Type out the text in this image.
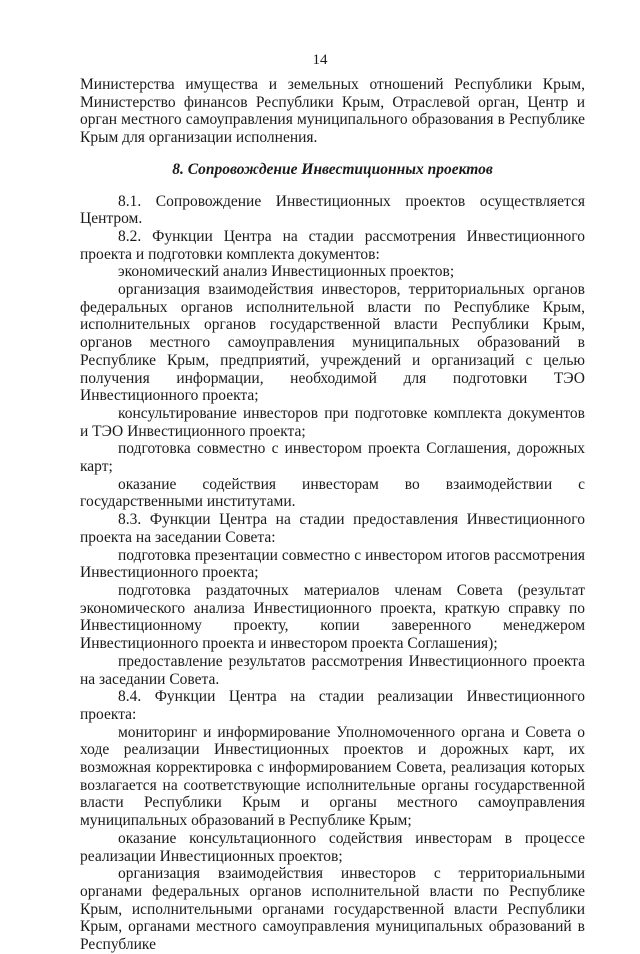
14

Министерства имущества и земельных отношений Республики Крым, Министерство финансов Республики Крым, Отраслевой орган, Центр и орган местного самоуправления муниципального образования в Республике Крым для организации исполнения.

8. Сопровождение Инвестиционных проектов

8.1. Сопровождение Инвестиционных проектов осуществляется Центром.

8.2. Функции Центра на стадии рассмотрения Инвестиционного проекта и подготовки комплекта документов:

экономический анализ Инвестиционных проектов;

организация взаимодействия инвесторов, территориальных органов федеральных органов исполнительной власти по Республике Крым, исполнительных органов государственной власти Республики Крым, органов местного самоуправления муниципальных образований в Республике Крым, предприятий, учреждений и организаций с целью получения информации, необходимой для подготовки ТЭО Инвестиционного проекта;

консультирование инвесторов при подготовке комплекта документов и ТЭО Инвестиционного проекта;

подготовка совместно с инвестором проекта Соглашения, дорожных карт;

оказание содействия инвесторам во взаимодействии с государственными институтами.

8.3. Функции Центра на стадии предоставления Инвестиционного проекта на заседании Совета:

подготовка презентации совместно с инвестором итогов рассмотрения Инвестиционного проекта;

подготовка раздаточных материалов членам Совета (результат экономического анализа Инвестиционного проекта, краткую справку по Инвестиционному проекту, копии заверенного менеджером Инвестиционного проекта и инвестором проекта Соглашения);

предоставление результатов рассмотрения Инвестиционного проекта на заседании Совета.

8.4. Функции Центра на стадии реализации Инвестиционного проекта:

мониторинг и информирование Уполномоченного органа и Совета о ходе реализации Инвестиционных проектов и дорожных карт, их возможная корректировка с информированием Совета, реализация которых возлагается на соответствующие исполнительные органы государственной власти Республики Крым и органы местного самоуправления муниципальных образований в Республике Крым;

оказание консультационного содействия инвесторам в процессе реализации Инвестиционных проектов;

организация взаимодействия инвесторов с территориальными органами федеральных органов исполнительной власти по Республике Крым, исполнительными органами государственной власти Республики Крым, органами местного самоуправления муниципальных образований в Республике
